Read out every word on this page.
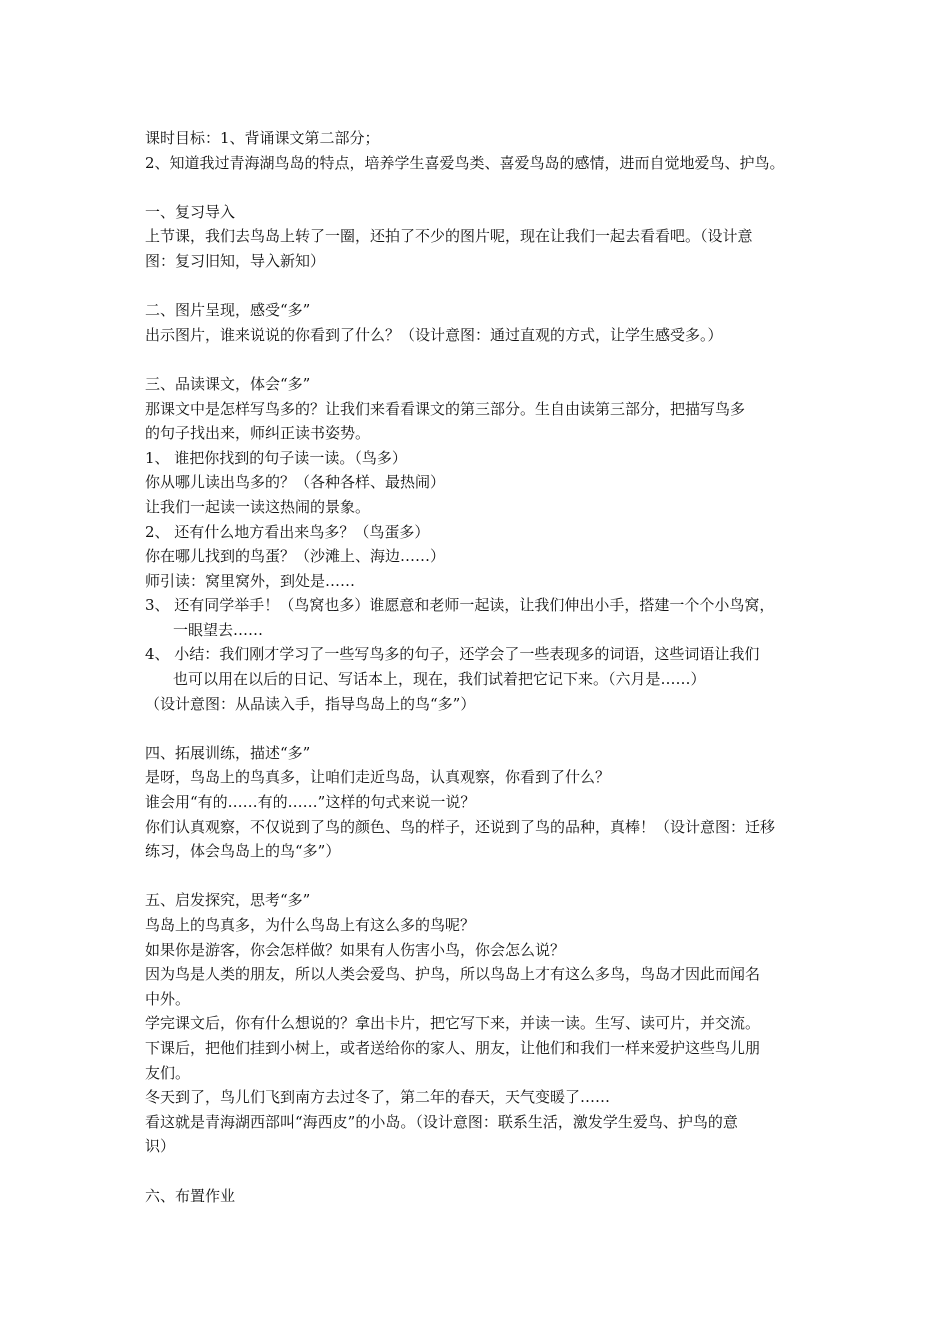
课时目标：1、背诵课文第二部分；
2、知道我过青海湖鸟岛的特点，培养学生喜爱鸟类、喜爱鸟岛的感情，进而自觉地爱鸟、护鸟。
一、复习导入
上节课，我们去鸟岛上转了一圈，还拍了不少的图片呢，现在让我们一起去看看吧。（设计意
图：复习旧知，导入新知）
二、图片呈现，感受“多”
出示图片，谁来说说的你看到了什么？（设计意图：通过直观的方式，让学生感受多。）
三、品读课文，体会“多”
那课文中是怎样写鸟多的？让我们来看看课文的第三部分。生自由读第三部分，把描写鸟多
的句子找出来，师纠正读书姿势。
1、 谁把你找到的句子读一读。（鸟多）
你从哪儿读出鸟多的？（各种各样、最热闹）
让我们一起读一读这热闹的景象。
2、 还有什么地方看出来鸟多？（鸟蛋多）
你在哪儿找到的鸟蛋？（沙滩上、海边……）
师引读：窝里窝外，到处是……
3、 还有同学举手！（鸟窝也多）谁愿意和老师一起读，让我们伸出小手，搭建一个个小鸟窝，
一眼望去……
4、 小结：我们刚才学习了一些写鸟多的句子，还学会了一些表现多的词语，这些词语让我们
也可以用在以后的日记、写话本上，现在，我们试着把它记下来。（六月是……）
（设计意图：从品读入手，指导鸟岛上的鸟“多”）
四、拓展训练，描述“多”
是呀，鸟岛上的鸟真多，让咱们走近鸟岛，认真观察，你看到了什么？
谁会用“有的……有的……”这样的句式来说一说？
你们认真观察，不仅说到了鸟的颜色、鸟的样子，还说到了鸟的品种，真棒！（设计意图：迁移
练习，体会鸟岛上的鸟“多”）
五、启发探究，思考“多”
鸟岛上的鸟真多，为什么鸟岛上有这么多的鸟呢？
如果你是游客，你会怎样做？如果有人伤害小鸟，你会怎么说？
因为鸟是人类的朋友，所以人类会爱鸟、护鸟，所以鸟岛上才有这么多鸟，鸟岛才因此而闻名
中外。
学完课文后，你有什么想说的？拿出卡片，把它写下来，并读一读。生写、读可片，并交流。
下课后，把他们挂到小树上，或者送给你的家人、朋友，让他们和我们一样来爱护这些鸟儿朋
友们。
冬天到了，鸟儿们飞到南方去过冬了，第二年的春天，天气变暖了……
看这就是青海湖西部叫“海西皮”的小岛。（设计意图：联系生活，激发学生爱鸟、护鸟的意
识）
六、布置作业
